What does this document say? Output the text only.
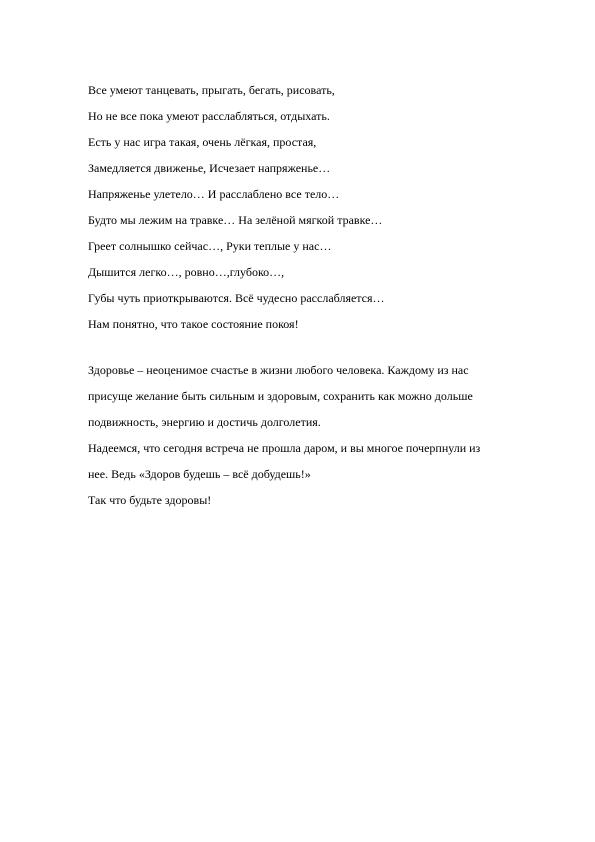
Все умеют танцевать, прыгать, бегать, рисовать,
Но не все пока умеют расслабляться, отдыхать.
Есть у нас игра такая, очень лёгкая, простая,
Замедляется движенье, Исчезает напряженье…
Напряженье улетело… И расслаблено все тело…
Будто мы лежим на травке… На зелёной мягкой травке…
Греет солнышко сейчас…, Руки теплые у нас…
Дышится легко…, ровно…,глубоко…,
Губы чуть приоткрываются. Всё чудесно расслабляется…
Нам понятно, что такое состояние покоя!
Здоровье – неоценимое счастье в жизни любого человека. Каждому из нас
присуще желание быть сильным и здоровым, сохранить как можно дольше
подвижность, энергию и достичь долголетия.
Надеемся, что сегодня встреча не прошла даром, и вы многое почерпнули из
нее. Ведь «Здоров будешь – всё добудешь!»
Так что будьте здоровы!
